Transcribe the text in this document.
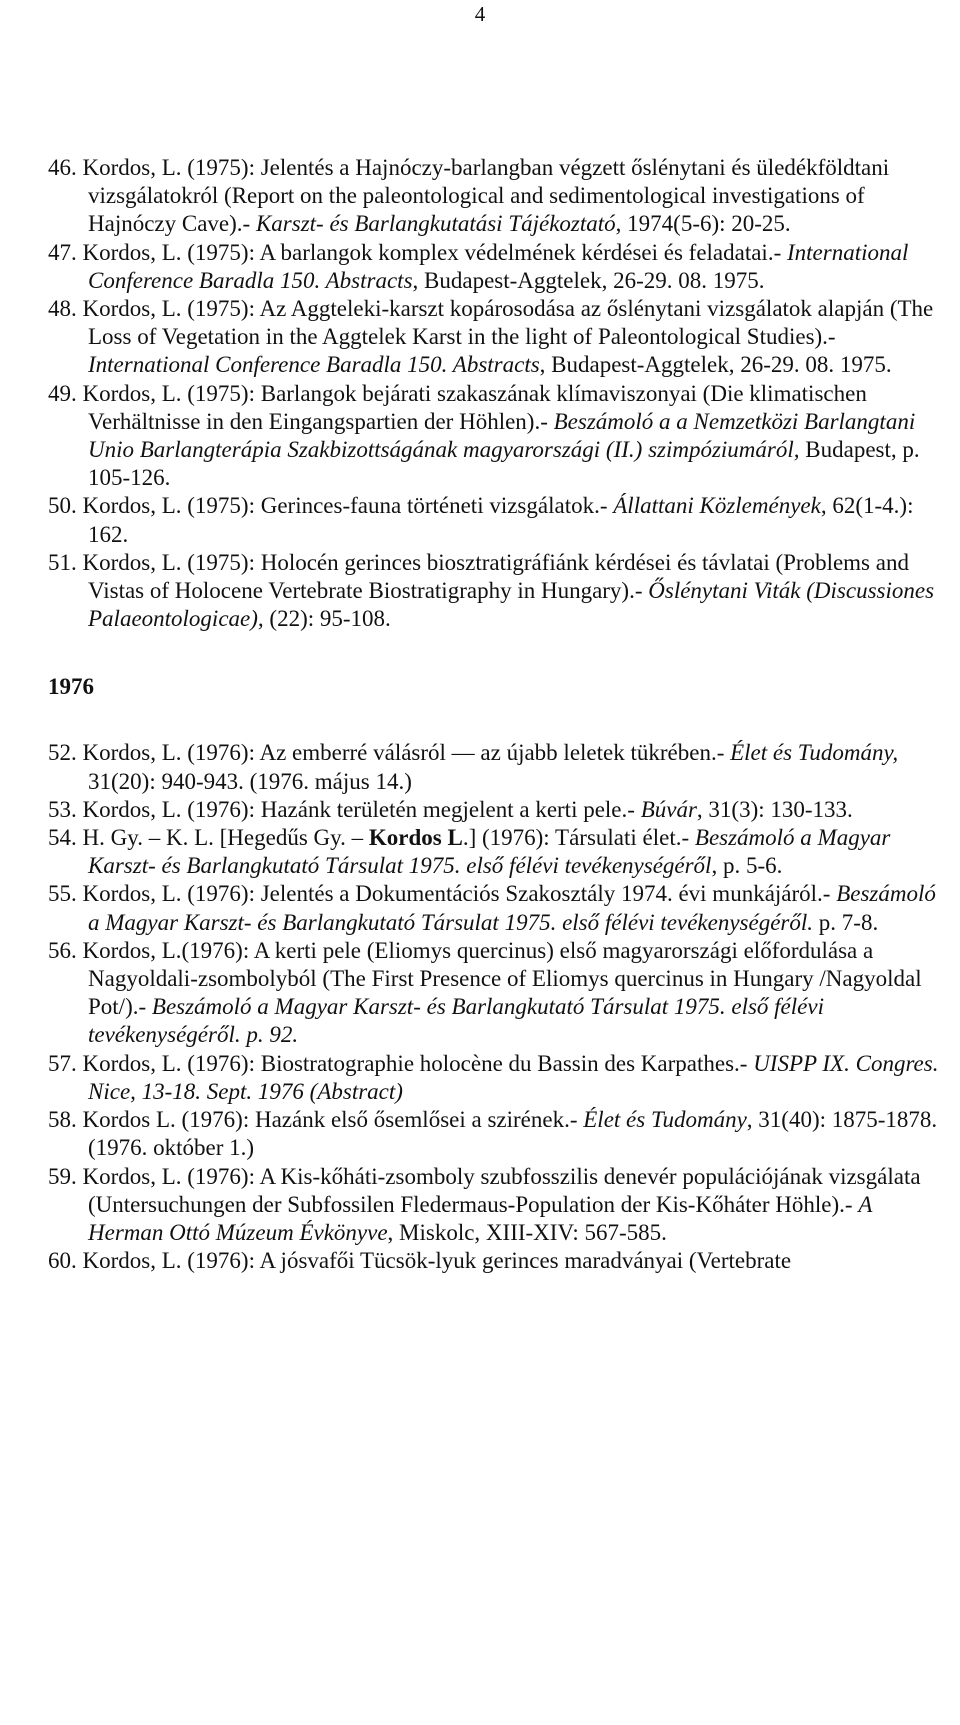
4

46. Kordos, L. (1975): Jelentés a Hajnóczy-barlangban végzett őslénytani és üledékföldtani vizsgálatokról (Report on the paleontological and sedimentological investigations of Hajnóczy Cave).- Karszt- és Barlangkutatási Tájékoztató, 1974(5-6): 20-25.

47. Kordos, L. (1975): A barlangok komplex védelmének kérdései és feladatai.- International Conference Baradla 150. Abstracts, Budapest-Aggtelek, 26-29. 08. 1975.

48. Kordos, L. (1975): Az Aggteleki-karszt kopárosodása az őslénytani vizsgálatok alapján (The Loss of Vegetation in the Aggtelek Karst in the light of Paleontological Studies).- International Conference Baradla 150. Abstracts, Budapest-Aggtelek, 26-29. 08. 1975.

49. Kordos, L. (1975): Barlangok bejárati szakaszának klímaviszonyai (Die klimatischen Verhältnisse in den Eingangspartien der Höhlen).- Beszámoló a a Nemzetközi Barlangtani Unio Barlangterápia Szakbizottságának magyarországi (II.) szimpóziumáról, Budapest, p. 105-126.

50. Kordos, L. (1975): Gerinces-fauna történeti vizsgálatok.- Állattani Közlemények, 62(1-4.): 162.

51. Kordos, L. (1975): Holocén gerinces biosztratigráfiánk kérdései és távlatai (Problems and Vistas of Holocene Vertebrate Biostratigraphy in Hungary).- Őslénytani Viták (Discussiones Palaeontologicae), (22): 95-108.

1976

52. Kordos, L. (1976): Az emberré válásról — az újabb leletek tükrében.- Élet és Tudomány, 31(20): 940-943. (1976. május 14.)

53. Kordos, L. (1976): Hazánk területén megjelent a kerti pele.- Búvár, 31(3): 130-133.

54. H. Gy. – K. L. [Hegedűs Gy. – Kordos L.] (1976): Társulati élet.- Beszámoló a Magyar Karszt- és Barlangkutató Társulat 1975. első félévi tevékenységéről, p. 5-6.

55. Kordos, L. (1976): Jelentés a Dokumentációs Szakosztály 1974. évi munkájáról.- Beszámoló a Magyar Karszt- és Barlangkutató Társulat 1975. első félévi tevékenységéről. p. 7-8.

56. Kordos, L.(1976): A kerti pele (Eliomys quercinus) első magyarországi előfordulása a Nagyoldali-zsombolyból (The First Presence of Eliomys quercinus in Hungary /Nagyoldal Pot/).- Beszámoló a Magyar Karszt- és Barlangkutató Társulat 1975. első félévi tevékenységéről. p. 92.

57. Kordos, L. (1976): Biostratographie holocène du Bassin des Karpathes.- UISPP IX. Congres. Nice, 13-18. Sept. 1976 (Abstract)

58. Kordos L. (1976): Hazánk első ősemlősei a szirének.- Élet és Tudomány, 31(40): 1875-1878. (1976. október 1.)

59. Kordos, L. (1976): A Kis-kőháti-zsomboly szubfosszilis denevér populációjának vizsgálata (Untersuchungen der Subfossilen Fledermaus-Population der Kis-Kőháter Höhle).- A Herman Ottó Múzeum Évkönyve, Miskolc, XIII-XIV: 567-585.

60. Kordos, L. (1976): A jósvafői Tücsök-lyuk gerinces maradványai (Vertebrate
